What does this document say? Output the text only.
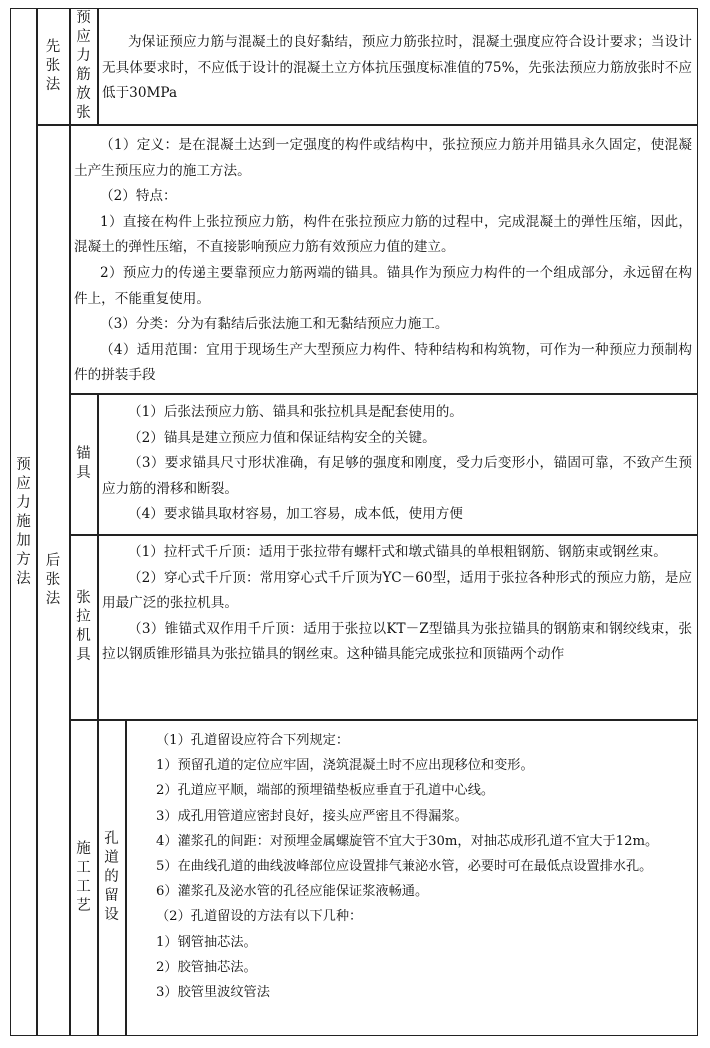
预应力施加方法
先张法
后张法
预应力筋放张
锚具
张拉机具
施工工艺
孔道的留设

为保证预应力筋与混凝土的良好黏结，预应力筋张拉时，混凝土强度应符合设计要求；当设计无具体要求时，不应低于设计的混凝土立方体抗压强度标准值的75%，先张法预应力筋放张时不应低于30MPa

（1）定义：是在混凝土达到一定强度的构件或结构中，张拉预应力筋并用锚具永久固定，使混凝土产生预压应力的施工方法。

（2）特点：

1）直接在构件上张拉预应力筋，构件在张拉预应力筋的过程中，完成混凝土的弹性压缩，因此，混凝土的弹性压缩，不直接影响预应力筋有效预应力值的建立。

2）预应力的传递主要靠预应力筋两端的锚具。锚具作为预应力构件的一个组成部分，永远留在构件上，不能重复使用。

（3）分类：分为有黏结后张法施工和无黏结预应力施工。

（4）适用范围：宜用于现场生产大型预应力构件、特种结构和构筑物，可作为一种预应力预制构件的拼装手段

（1）后张法预应力筋、锚具和张拉机具是配套使用的。

（2）锚具是建立预应力值和保证结构安全的关键。

（3）要求锚具尺寸形状准确，有足够的强度和刚度，受力后变形小，锚固可靠，不致产生预应力筋的滑移和断裂。

（4）要求锚具取材容易，加工容易，成本低，使用方便

（1）拉杆式千斤顶：适用于张拉带有螺杆式和墩式锚具的单根粗钢筋、钢筋束或钢丝束。

（2）穿心式千斤顶：常用穿心式千斤顶为YC－60型，适用于张拉各种形式的预应力筋，是应用最广泛的张拉机具。

（3）锥锚式双作用千斤顶：适用于张拉以KT－Z型锚具为张拉锚具的钢筋束和钢绞线束，张拉以钢质锥形锚具为张拉锚具的钢丝束。这种锚具能完成张拉和顶锚两个动作

（1）孔道留设应符合下列规定：

1）预留孔道的定位应牢固，浇筑混凝土时不应出现移位和变形。

2）孔道应平顺，端部的预埋锚垫板应垂直于孔道中心线。

3）成孔用管道应密封良好，接头应严密且不得漏浆。

4）灌浆孔的间距：对预埋金属螺旋管不宜大于30m，对抽芯成形孔道不宜大于12m。

5）在曲线孔道的曲线波峰部位应设置排气兼泌水管，必要时可在最低点设置排水孔。

6）灌浆孔及泌水管的孔径应能保证浆液畅通。

（2）孔道留设的方法有以下几种：

1）钢管抽芯法。

2）胶管抽芯法。

3）胶管里波纹管法
